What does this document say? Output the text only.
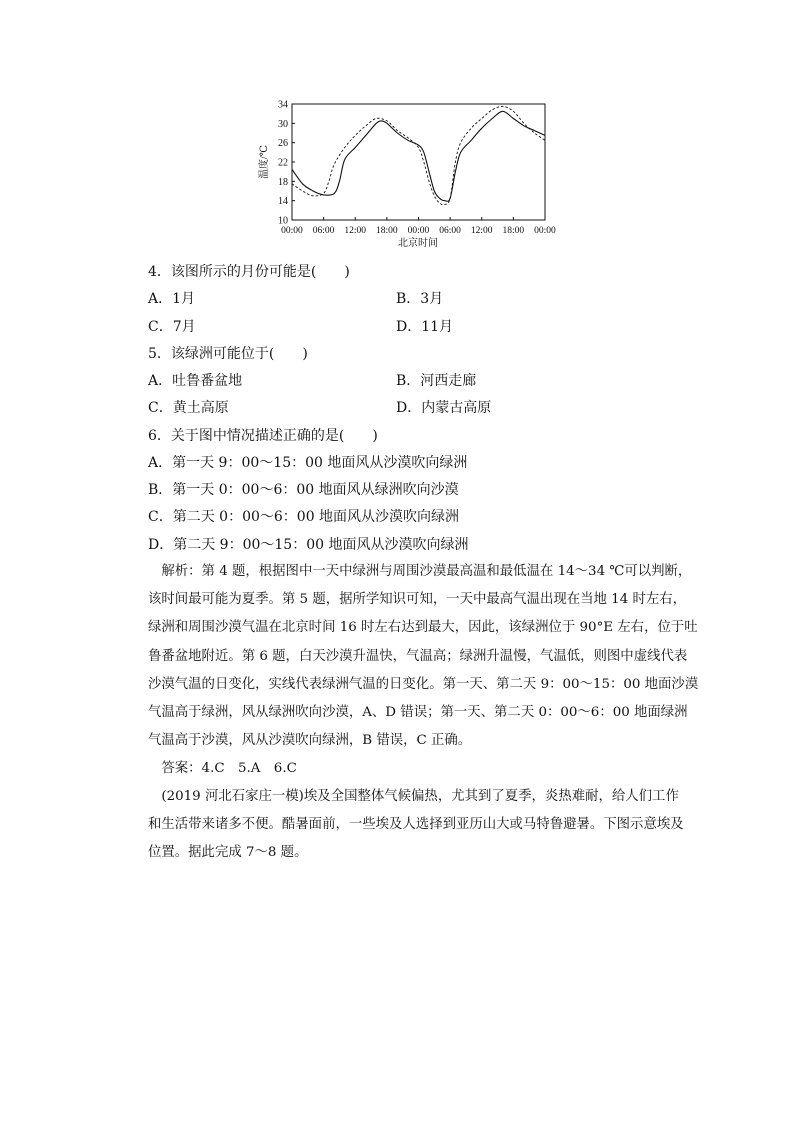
10
14
18
22
26
30
34
00:00 06:00 12:00 18:00 00:00 06:00 12:00 18:00 00:00
温度/℃
北京时间
4．该图所示的月份可能是(　　)
A．1月	B．3月
C．7月	D．11月
5．该绿洲可能位于(　　)
A．吐鲁番盆地	B．河西走廊
C．黄土高原	D．内蒙古高原
6．关于图中情况描述正确的是(　　)
A．第一天 9：00～15：00 地面风从沙漠吹向绿洲
B．第一天 0：00～6：00 地面风从绿洲吹向沙漠
C．第二天 0：00～6：00 地面风从沙漠吹向绿洲
D．第二天 9：00～15：00 地面风从沙漠吹向绿洲
　解析：第 4 题，根据图中一天中绿洲与周围沙漠最高温和最低温在 14～34 ℃可以判断，
该时间最可能为夏季。第 5 题，据所学知识可知，一天中最高气温出现在当地 14 时左右，
绿洲和周围沙漠气温在北京时间 16 时左右达到最大，因此，该绿洲位于 90°E 左右，位于吐
鲁番盆地附近。第 6 题，白天沙漠升温快，气温高；绿洲升温慢，气温低，则图中虚线代表
沙漠气温的日变化，实线代表绿洲气温的日变化。第一天、第二天 9：00～15：00 地面沙漠
气温高于绿洲，风从绿洲吹向沙漠，A、D 错误；第一天、第二天 0：00～6：00 地面绿洲
气温高于沙漠，风从沙漠吹向绿洲，B 错误，C 正确。
　答案：4.C　5.A　6.C
　(2019 河北石家庄一模)埃及全国整体气候偏热，尤其到了夏季，炎热难耐，给人们工作
和生活带来诸多不便。酷暑面前，一些埃及人选择到亚历山大或马特鲁避暑。下图示意埃及
位置。据此完成 7～8 题。
